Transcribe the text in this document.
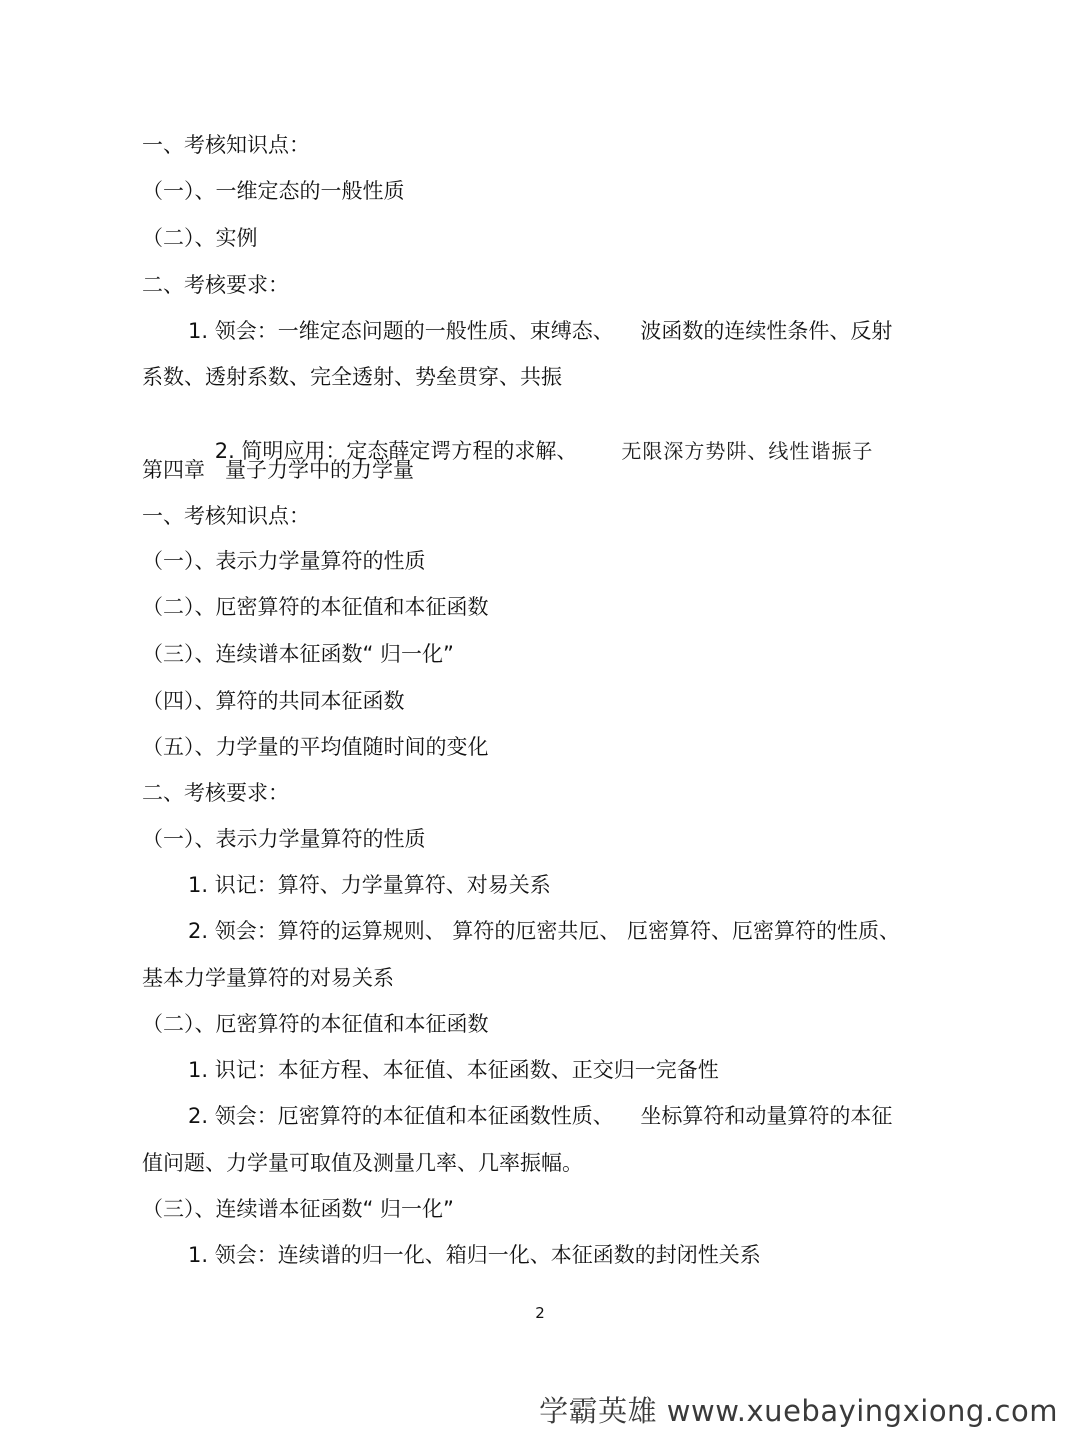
一、考核知识点：
（一）、一维定态的一般性质
（二）、实例
二、考核要求：
1. 领会：一维定态问题的一般性质、束缚态、    波函数的连续性条件、反射
系数、透射系数、完全透射、势垒贯穿、共振

2. 简明应用：定态薛定谔方程的求解、 无限深方势阱、线性谐振子

第四章   量子力学中的力学量
一、考核知识点：
（一）、表示力学量算符的性质
（二）、厄密算符的本征值和本征函数
（三）、连续谱本征函数“ 归一化”
（四）、算符的共同本征函数
（五）、力学量的平均值随时间的变化
二、考核要求：
（一）、表示力学量算符的性质
1. 识记：算符、力学量算符、对易关系
2. 领会：算符的运算规则、 算符的厄密共厄、 厄密算符、厄密算符的性质、
基本力学量算符的对易关系
（二）、厄密算符的本征值和本征函数
1. 识记：本征方程、本征值、本征函数、正交归一完备性
2. 领会：厄密算符的本征值和本征函数性质、    坐标算符和动量算符的本征
值问题、力学量可取值及测量几率、几率振幅。
（三）、连续谱本征函数“ 归一化”
1. 领会：连续谱的归一化、箱归一化、本征函数的封闭性关系
2
学霸英雄 www.xuebayingxiong.com
